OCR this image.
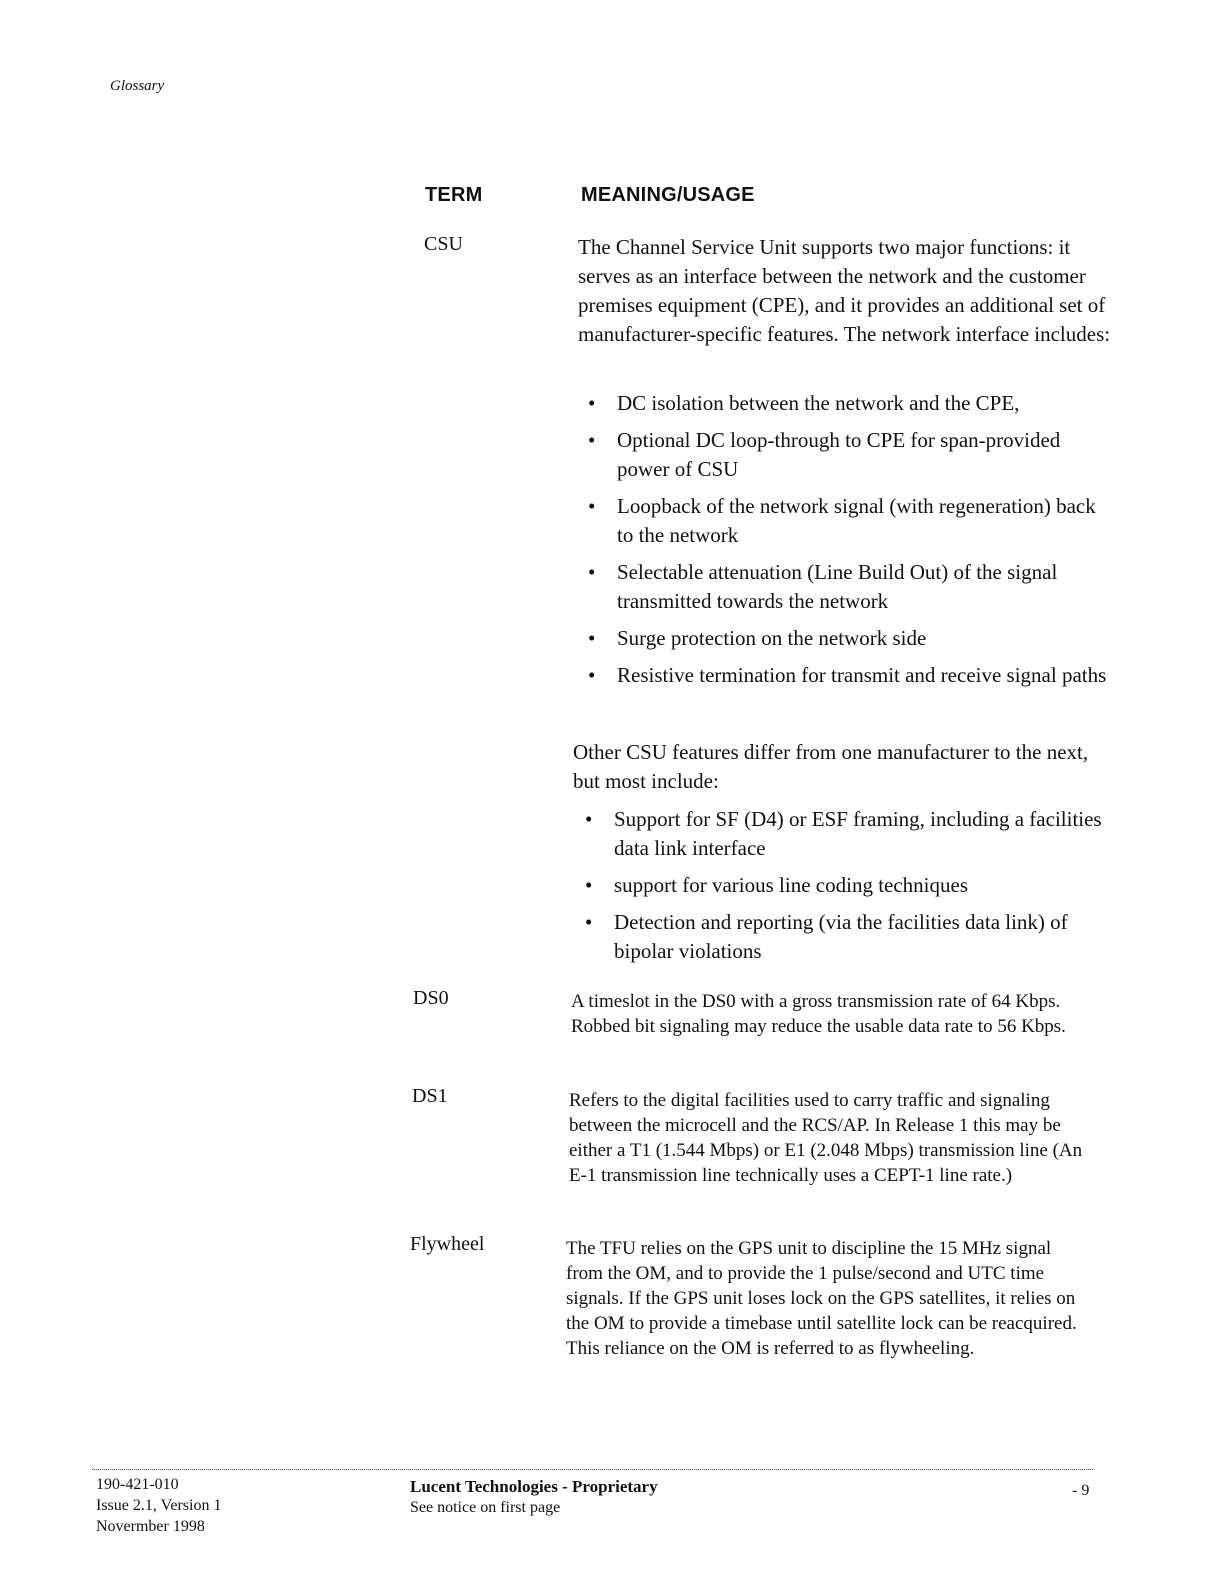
Glossary
TERM	MEANING/USAGE
CSU	The Channel Service Unit supports two major functions: it serves as an interface between the network and the customer premises equipment (CPE), and it provides an additional set of manufacturer-specific features. The network interface includes:
• DC isolation between the network and the CPE,
• Optional DC loop-through to CPE for span-provided power of CSU
• Loopback of the network signal (with regeneration) back to the network
• Selectable attenuation (Line Build Out) of the signal transmitted towards the network
• Surge protection on the network side
• Resistive termination for transmit and receive signal paths
Other CSU features differ from one manufacturer to the next, but most include:
• Support for SF (D4) or ESF framing, including a facilities data link interface
• support for various line coding techniques
• Detection and reporting (via the facilities data link) of bipolar violations
DS0	A timeslot in the DS0 with a gross transmission rate of 64 Kbps. Robbed bit signaling may reduce the usable data rate to 56 Kbps.
DS1	Refers to the digital facilities used to carry traffic and signaling between the microcell and the RCS/AP. In Release 1 this may be either a T1 (1.544 Mbps) or E1 (2.048 Mbps) transmission line (An E-1 transmission line technically uses a CEPT-1 line rate.)
Flywheel	The TFU relies on the GPS unit to discipline the 15 MHz signal from the OM, and to provide the 1 pulse/second and UTC time signals. If the GPS unit loses lock on the GPS satellites, it relies on the OM to provide a timebase until satellite lock can be reacquired. This reliance on the OM is referred to as flywheeling.
190-421-010
Issue 2.1, Version 1
Novermber 1998
Lucent Technologies - Proprietary
See notice on first page
- 9
